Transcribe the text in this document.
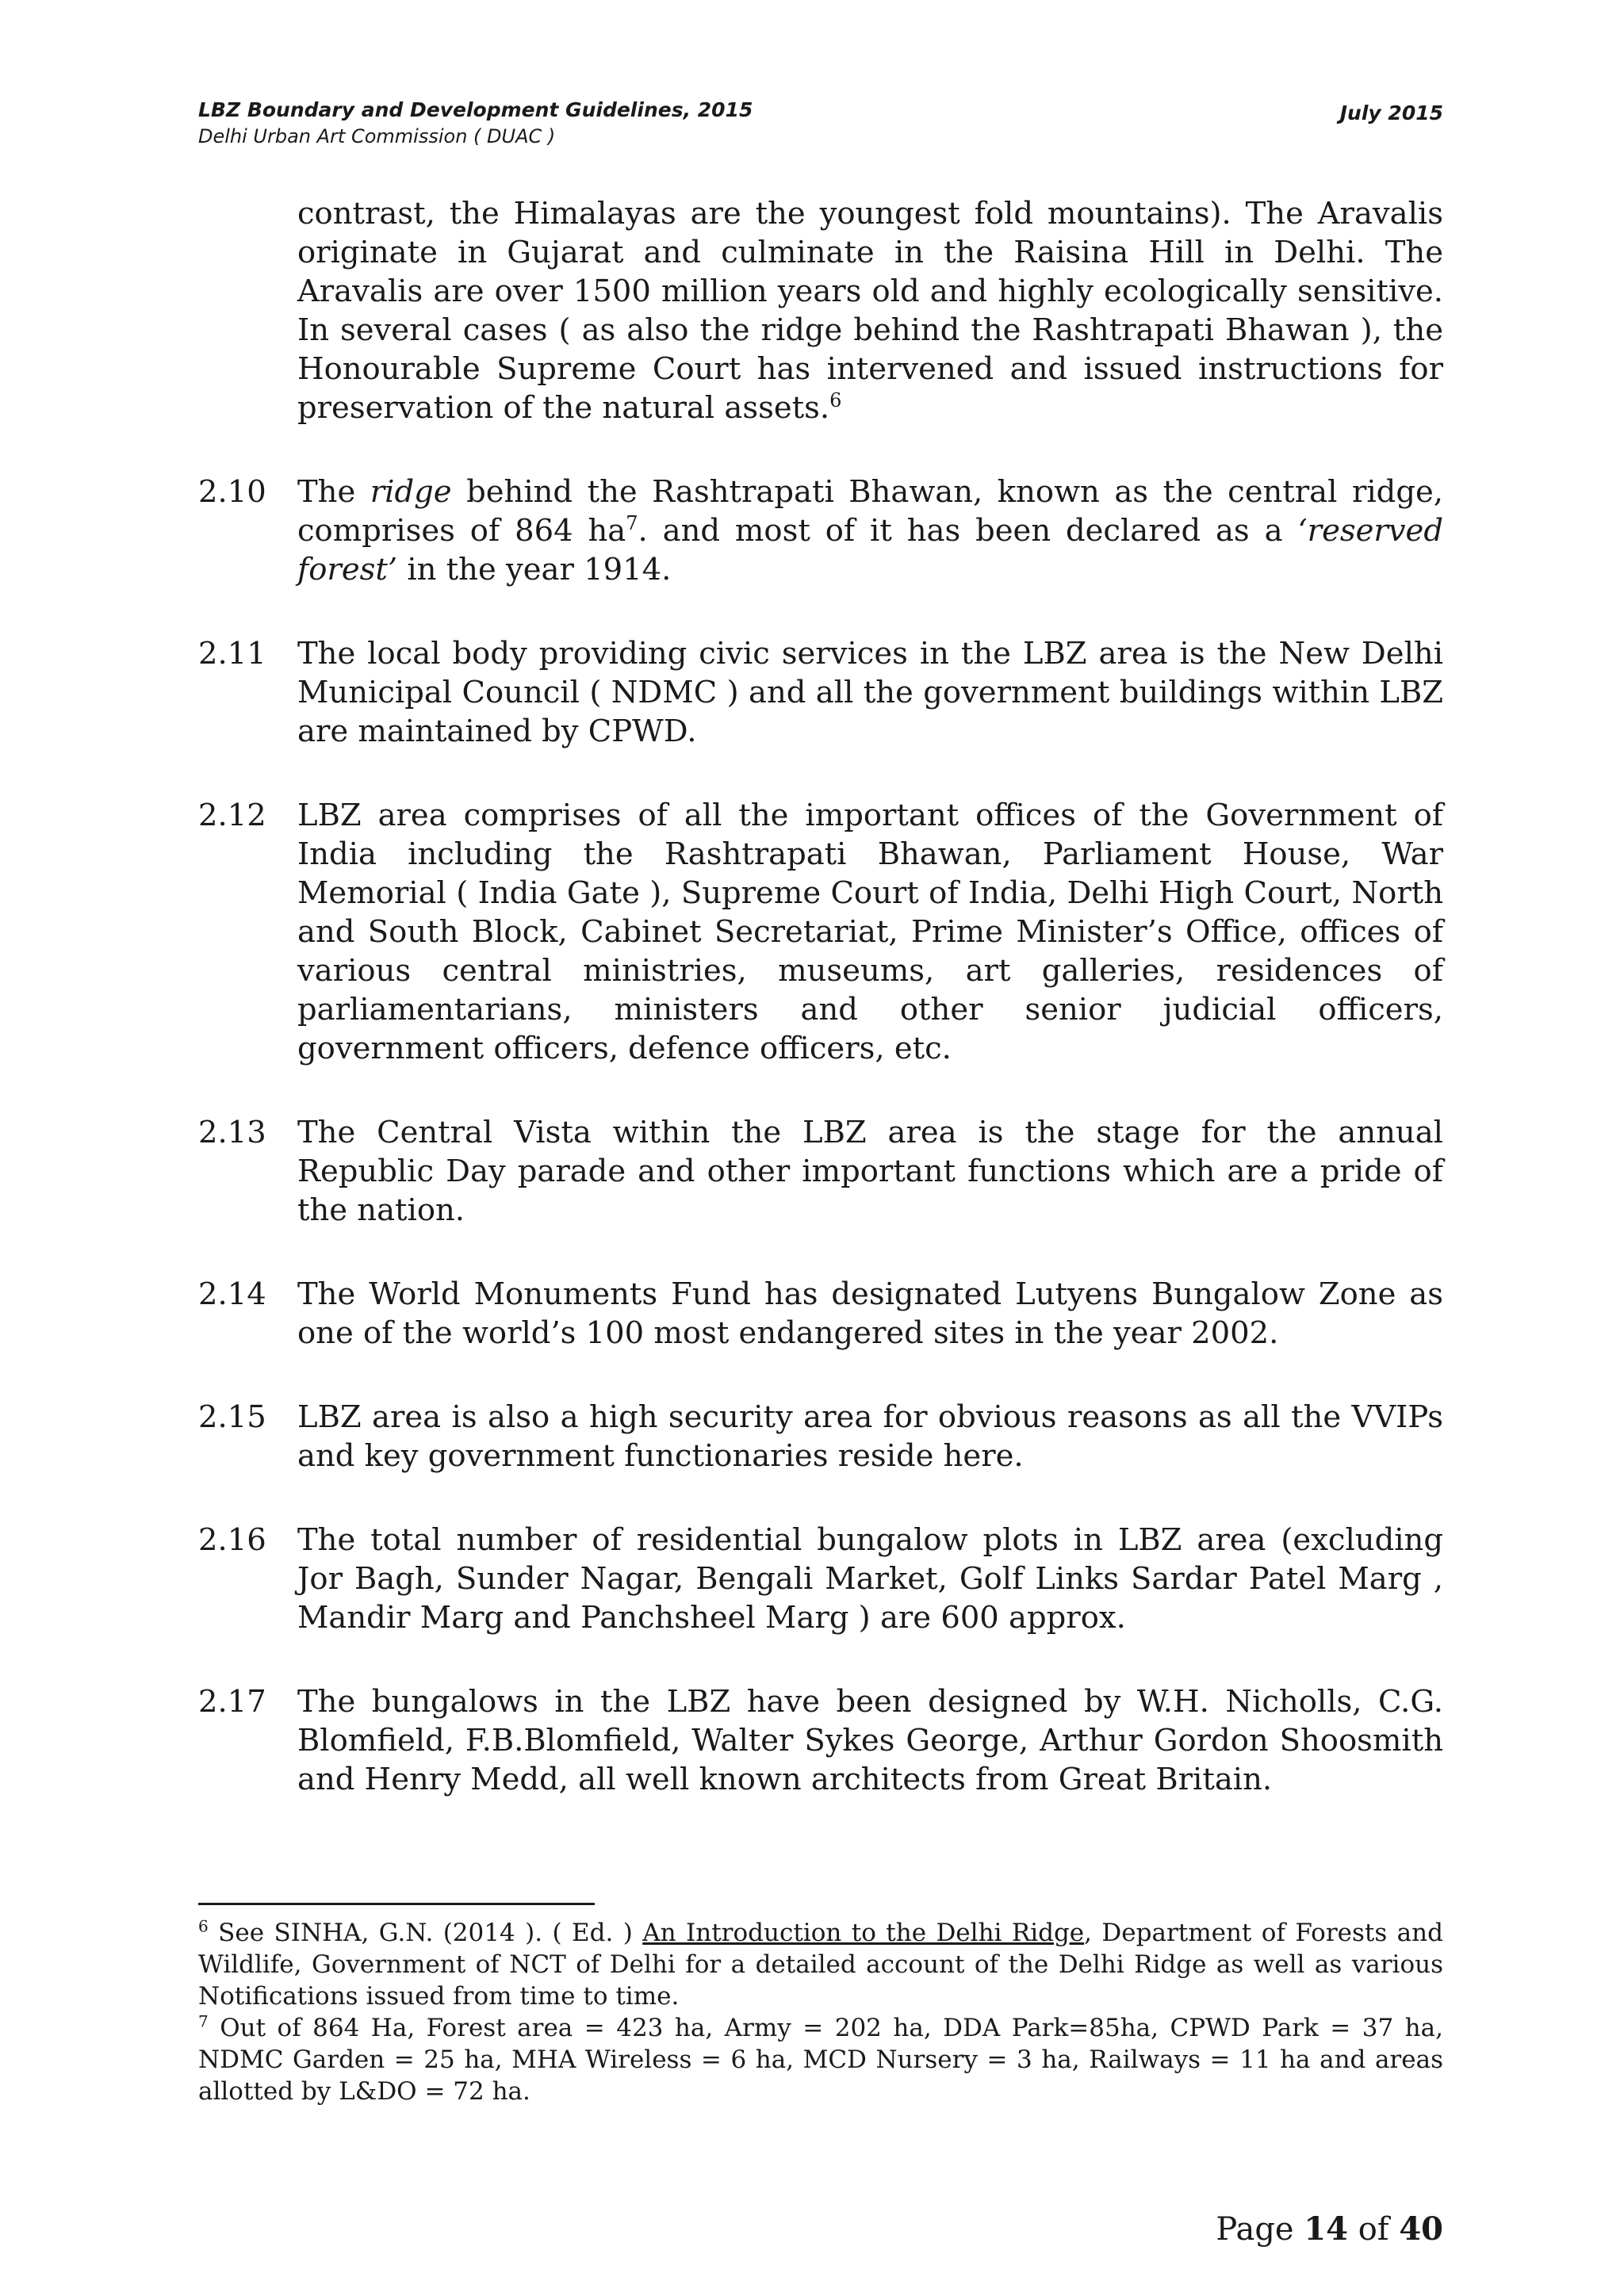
LBZ Boundary and Development Guidelines, 2015
Delhi Urban Art Commission ( DUAC )
July 2015

contrast, the Himalayas are the youngest fold mountains). The Aravalis originate in Gujarat and culminate in the Raisina Hill in Delhi. The Aravalis are over 1500 million years old and highly ecologically sensitive. In several cases ( as also the ridge behind the Rashtrapati Bhawan ), the Honourable Supreme Court has intervened and issued instructions for preservation of the natural assets.$^6$

2.10	The ridge behind the Rashtrapati Bhawan, known as the central ridge, comprises of 864 $ha^7$. and most of it has been declared as a ‘reserved forest’ in the year 1914.
2.11	The local body providing civic services in the LBZ area is the New Delhi Municipal Council ( NDMC ) and all the government buildings within LBZ are maintained by CPWD.
2.12	LBZ area comprises of all the important offices of the Government of India including the Rashtrapati Bhawan, Parliament House, War Memorial ( India Gate ), Supreme Court of India, Delhi High Court, North and South Block, Cabinet Secretariat, Prime Minister’s Office, offices of various central ministries, museums, art galleries, residences of parliamentarians, ministers and other senior judicial officers, government officers, defence officers, etc.
2.13	The Central Vista within the LBZ area is the stage for the annual Republic Day parade and other important functions which are a pride of the nation.
2.14	The World Monuments Fund has designated Lutyens Bungalow Zone as one of the world’s 100 most endangered sites in the year 2002.
2.15	LBZ area is also a high security area for obvious reasons as all the VVIPs and key government functionaries reside here.
2.16	The total number of residential bungalow plots in LBZ area (excluding Jor Bagh, Sunder Nagar, Bengali Market, Golf Links Sardar Patel Marg , Mandir Marg and Panchsheel Marg ) are 600 approx.
2.17	The bungalows in the LBZ have been designed by W.H. Nicholls, C.G. Blomfield, F.B.Blomfield, Walter Sykes George, Arthur Gordon Shoosmith and Henry Medd, all well known architects from Great Britain.

$^6$ See SINHA, G.N. (2014 ). ( Ed. ) An Introduction to the Delhi Ridge, Department of Forests and Wildlife, Government of NCT of Delhi for a detailed account of the Delhi Ridge as well as various Notifications issued from time to time.

$^7$ Out of 864 Ha, Forest area = 423 ha, Army = 202 ha, DDA Park=85ha, CPWD Park = 37 ha, NDMC Garden = 25 ha, MHA Wireless = 6 ha, MCD Nursery = 3 ha, Railways = 11 ha and areas allotted by L&DO = 72 ha.

Page 14 of 40
